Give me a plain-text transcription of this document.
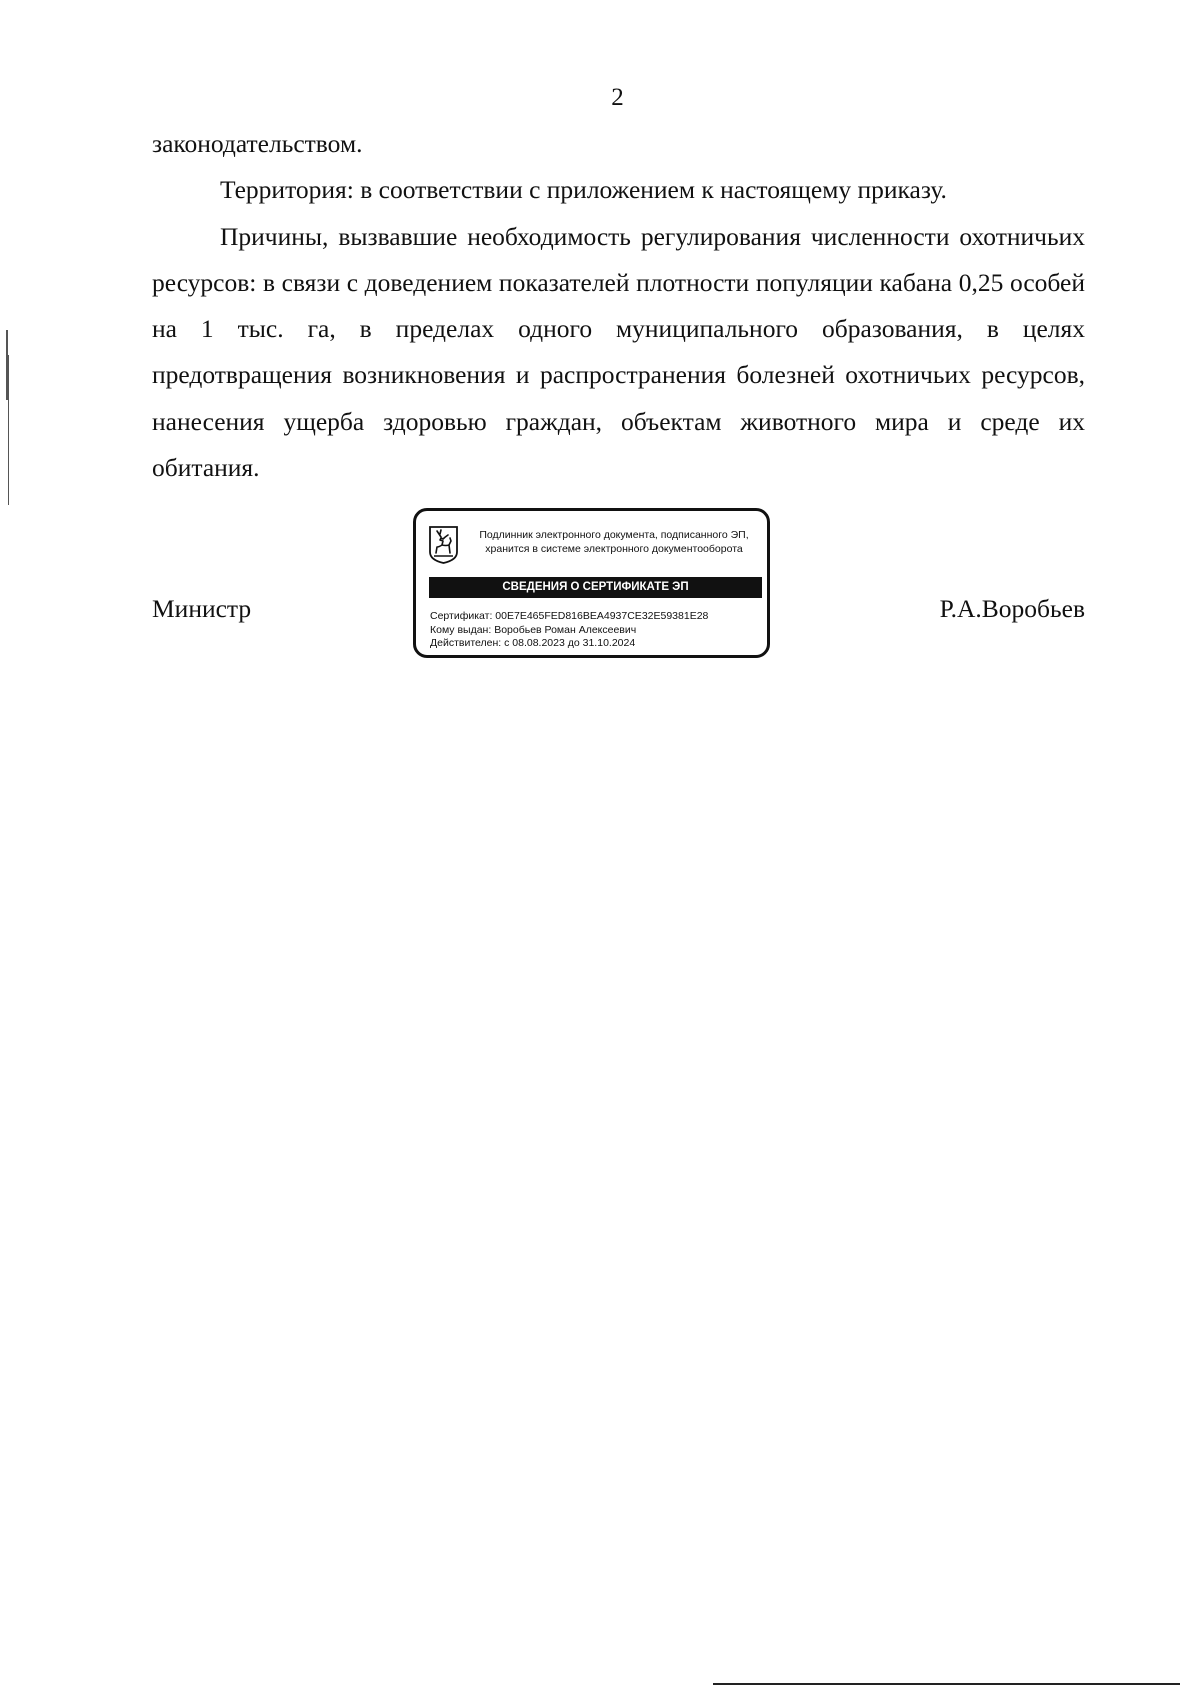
2

законодательством.

Территория: в соответствии с приложением к настоящему приказу.

Причины, вызвавшие необходимость регулирования численности охотничьих ресурсов: в связи с доведением показателей плотности популяции кабана 0,25 особей на 1 тыс. га, в пределах одного муниципального образования, в целях предотвращения возникновения и распространения болезней охотничьих ресурсов, нанесения ущерба здоровью граждан, объектам животного мира и среде их обитания.

Министр	Р.А.Воробьев
Подлинник электронного документа, подписанного ЭП,
хранится в системе электронного документооборота
СВЕДЕНИЯ О СЕРТИФИКАТЕ ЭП
Сертификат: 00E7E465FED816BEA4937CE32E59381E28
Кому выдан: Воробьев Роман Алексеевич
Действителен: с 08.08.2023 до 31.10.2024
